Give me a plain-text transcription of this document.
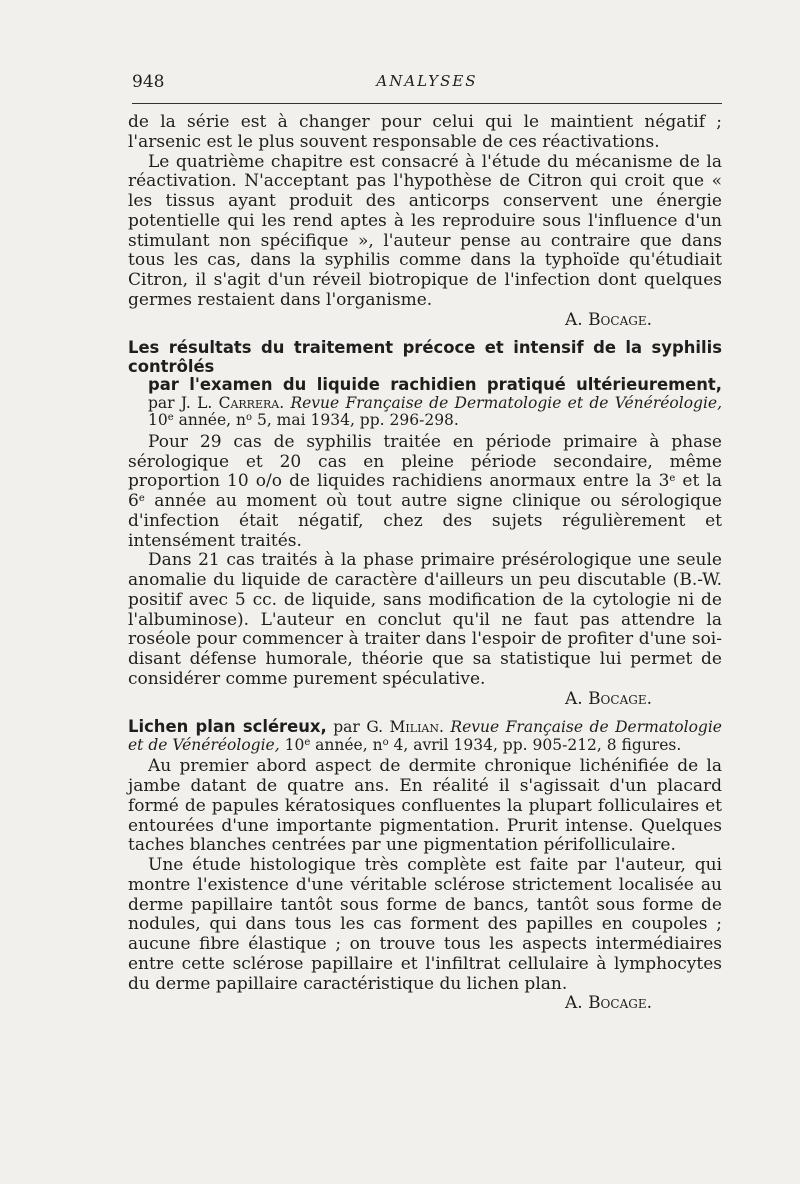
948	ANALYSES

de la série est à changer pour celui qui le maintient négatif ; l'arsenic est le plus souvent responsable de ces réactivations.

Le quatrième chapitre est consacré à l'étude du mécanisme de la réactivation. N'acceptant pas l'hypothèse de Citron qui croit que « les tissus ayant produit des anticorps conservent une énergie potentielle qui les rend aptes à les reproduire sous l'influence d'un stimulant non spécifique », l'auteur pense au contraire que dans tous les cas, dans la syphilis comme dans la typhoïde qu'étudiait Citron, il s'agit d'un réveil biotropique de l'infection dont quelques germes restaient dans l'organisme.

A. Bocage.

Les résultats du traitement précoce et intensif de la syphilis contrôlés
par l'examen du liquide rachidien pratiqué ultérieurement, par J. L. Carrera. Revue Française de Dermatologie et de Vénéréologie, 10e année, $n^o$ 5, mai 1934, pp. 296-298.

Pour 29 cas de syphilis traitée en période primaire à phase sérologique et 20 cas en pleine période secondaire, même proportion 10 o/o de liquides rachidiens anormaux entre la 3e et la 6e année au moment où tout autre signe clinique ou sérologique d'infection était négatif, chez des sujets régulièrement et intensément traités.

Dans 21 cas traités à la phase primaire présérologique une seule anomalie du liquide de caractère d'ailleurs un peu discutable (B.-W. positif avec 5 cc. de liquide, sans modification de la cytologie ni de l'albuminose). L'auteur en conclut qu'il ne faut pas attendre la roséole pour commencer à traiter dans l'espoir de profiter d'une soi-disant défense humorale, théorie que sa statistique lui permet de considérer comme purement spéculative.

A. Bocage.

Lichen plan scléreux, par G. Milian. Revue Française de Dermatologie et de Vénéréologie, 10e année, $n^o$ 4, avril 1934, pp. 905-212, 8 figures.

Au premier abord aspect de dermite chronique lichénifiée de la jambe datant de quatre ans. En réalité il s'agissait d'un placard formé de papules kératosiques confluentes la plupart folliculaires et entourées d'une importante pigmentation. Prurit intense. Quelques taches blanches centrées par une pigmentation périfolliculaire.

Une étude histologique très complète est faite par l'auteur, qui montre l'existence d'une véritable sclérose strictement localisée au derme papillaire tantôt sous forme de bancs, tantôt sous forme de nodules, qui dans tous les cas forment des papilles en coupoles ; aucune fibre élastique ; on trouve tous les aspects intermédiaires entre cette sclérose papillaire et l'infiltrat cellulaire à lymphocytes du derme papillaire caractéristique du lichen plan.

A. Bocage.
